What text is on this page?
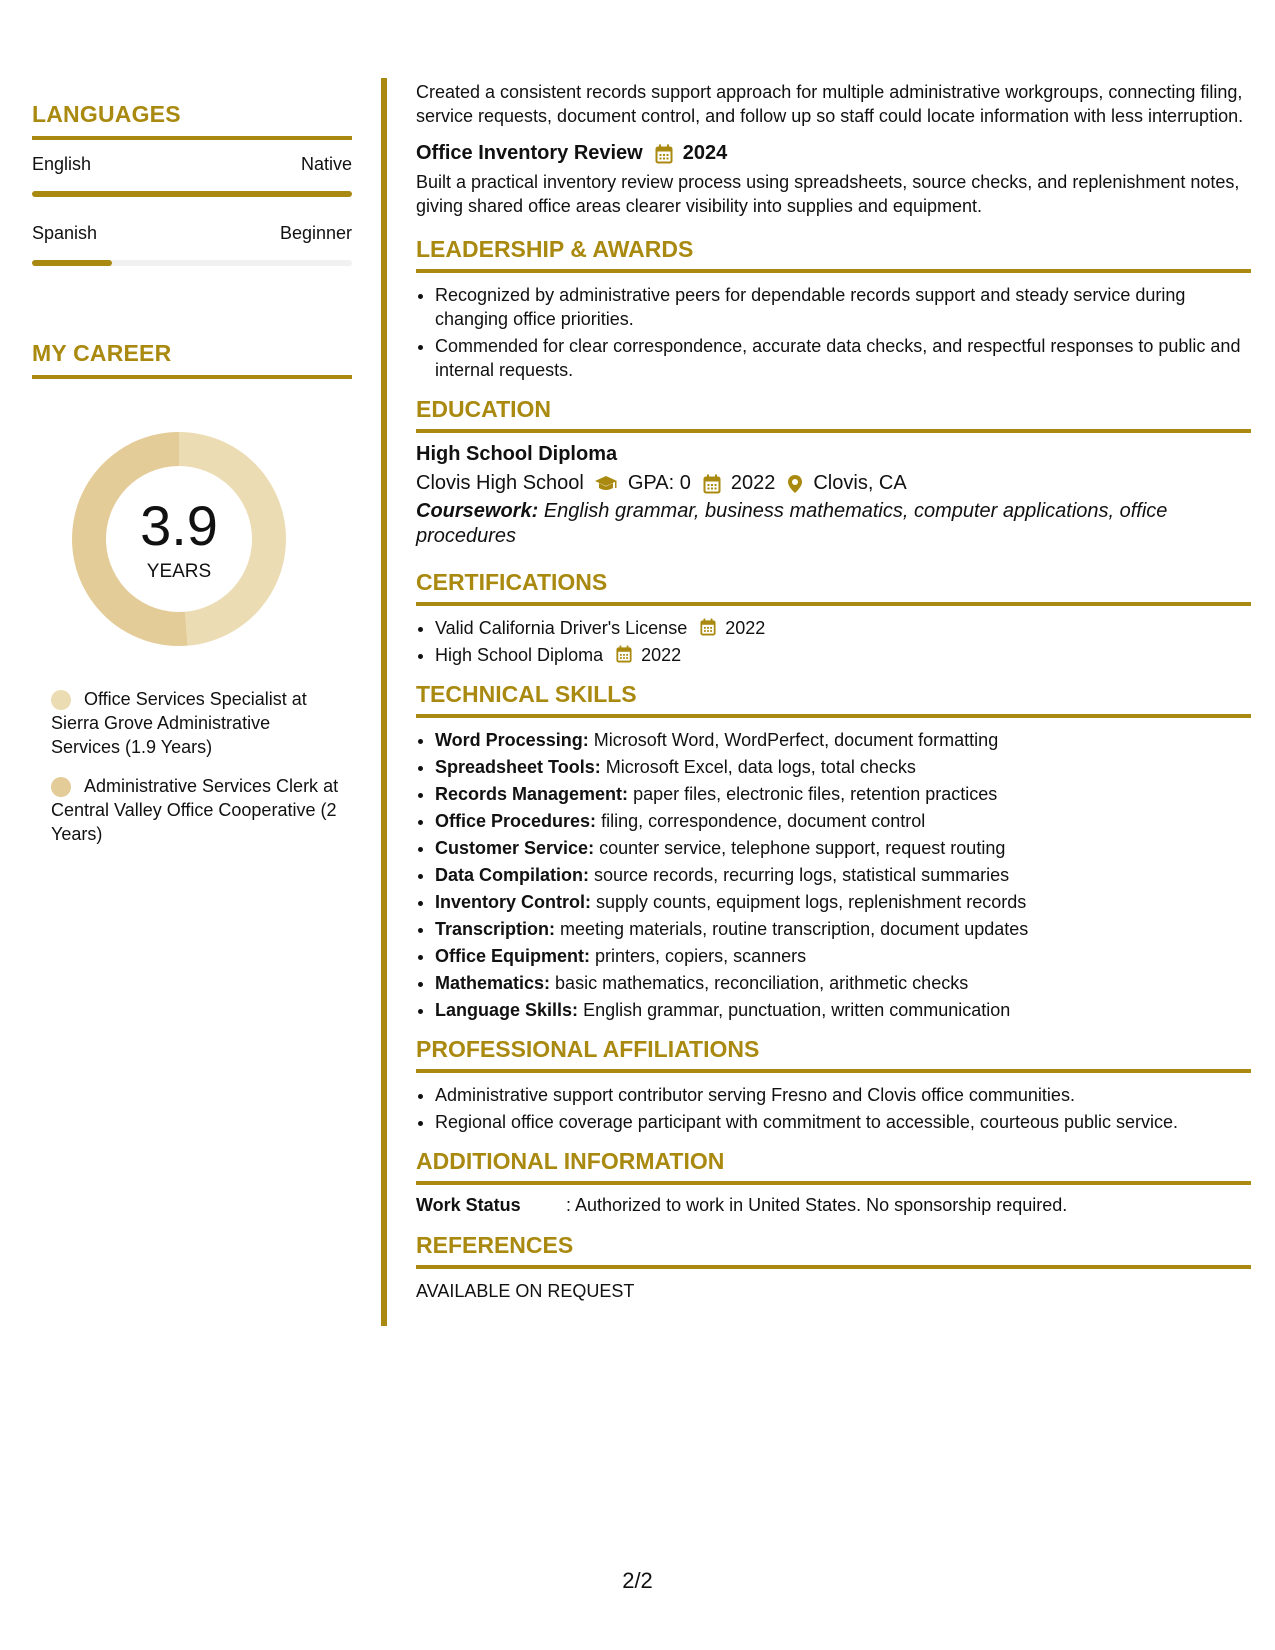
LANGUAGES
English	Native
Spanish	Beginner
MY CAREER
3.9
YEARS
Office Services Specialist at Sierra Grove Administrative Services (1.9 Years)
Administrative Services Clerk at Central Valley Office Cooperative (2 Years)
Created a consistent records support approach for multiple administrative workgroups, connecting filing, service requests, document control, and follow up so staff could locate information with less interruption.
Office Inventory Review 2024
Built a practical inventory review process using spreadsheets, source checks, and replenishment notes, giving shared office areas clearer visibility into supplies and equipment.
LEADERSHIP & AWARDS
• Recognized by administrative peers for dependable records support and steady service during changing office priorities.
• Commended for clear correspondence, accurate data checks, and respectful responses to public and internal requests.
EDUCATION
High School Diploma
Clovis High School GPA: 0 2022 Clovis, CA
Coursework: English grammar, business mathematics, computer applications, office procedures
CERTIFICATIONS
• Valid California Driver's License 2022
• High School Diploma 2022
TECHNICAL SKILLS
• Word Processing: Microsoft Word, WordPerfect, document formatting
• Spreadsheet Tools: Microsoft Excel, data logs, total checks
• Records Management: paper files, electronic files, retention practices
• Office Procedures: filing, correspondence, document control
• Customer Service: counter service, telephone support, request routing
• Data Compilation: source records, recurring logs, statistical summaries
• Inventory Control: supply counts, equipment logs, replenishment records
• Transcription: meeting materials, routine transcription, document updates
• Office Equipment: printers, copiers, scanners
• Mathematics: basic mathematics, reconciliation, arithmetic checks
• Language Skills: English grammar, punctuation, written communication
PROFESSIONAL AFFILIATIONS
• Administrative support contributor serving Fresno and Clovis office communities.
• Regional office coverage participant with commitment to accessible, courteous public service.
ADDITIONAL INFORMATION
Work Status	: Authorized to work in United States. No sponsorship required.
REFERENCES
AVAILABLE ON REQUEST
2/2
